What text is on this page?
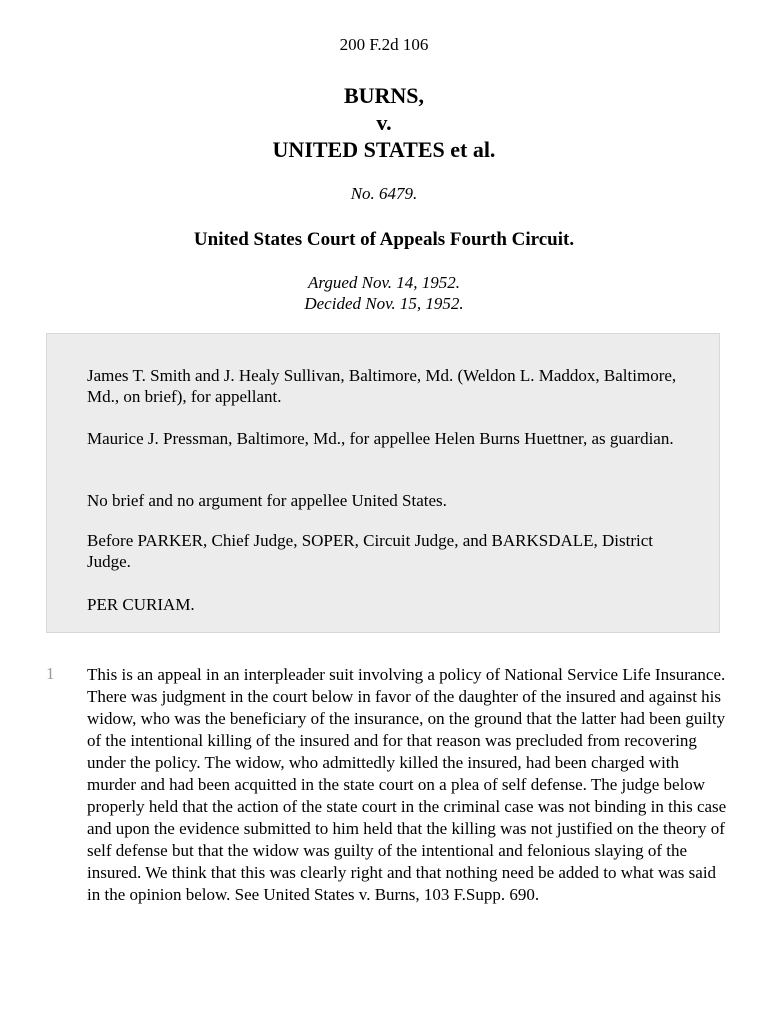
200 F.2d 106
BURNS,
v.
UNITED STATES et al.
No. 6479.
United States Court of Appeals Fourth Circuit.
Argued Nov. 14, 1952.
Decided Nov. 15, 1952.

James T. Smith and J. Healy Sullivan, Baltimore, Md. (Weldon L. Maddox, Baltimore, Md., on brief), for appellant.

Maurice J. Pressman, Baltimore, Md., for appellee Helen Burns Huettner, as guardian.

No brief and no argument for appellee United States.

Before PARKER, Chief Judge, SOPER, Circuit Judge, and BARKSDALE, District Judge.

PER CURIAM.

1 This is an appeal in an interpleader suit involving a policy of National Service Life Insurance. There was judgment in the court below in favor of the daughter of the insured and against his widow, who was the beneficiary of the insurance, on the ground that the latter had been guilty of the intentional killing of the insured and for that reason was precluded from recovering under the policy. The widow, who admittedly killed the insured, had been charged with murder and had been acquitted in the state court on a plea of self defense. The judge below properly held that the action of the state court in the criminal case was not binding in this case and upon the evidence submitted to him held that the killing was not justified on the theory of self defense but that the widow was guilty of the intentional and felonious slaying of the insured. We think that this was clearly right and that nothing need be added to what was said in the opinion below. See United States v. Burns, 103 F.Supp. 690.
